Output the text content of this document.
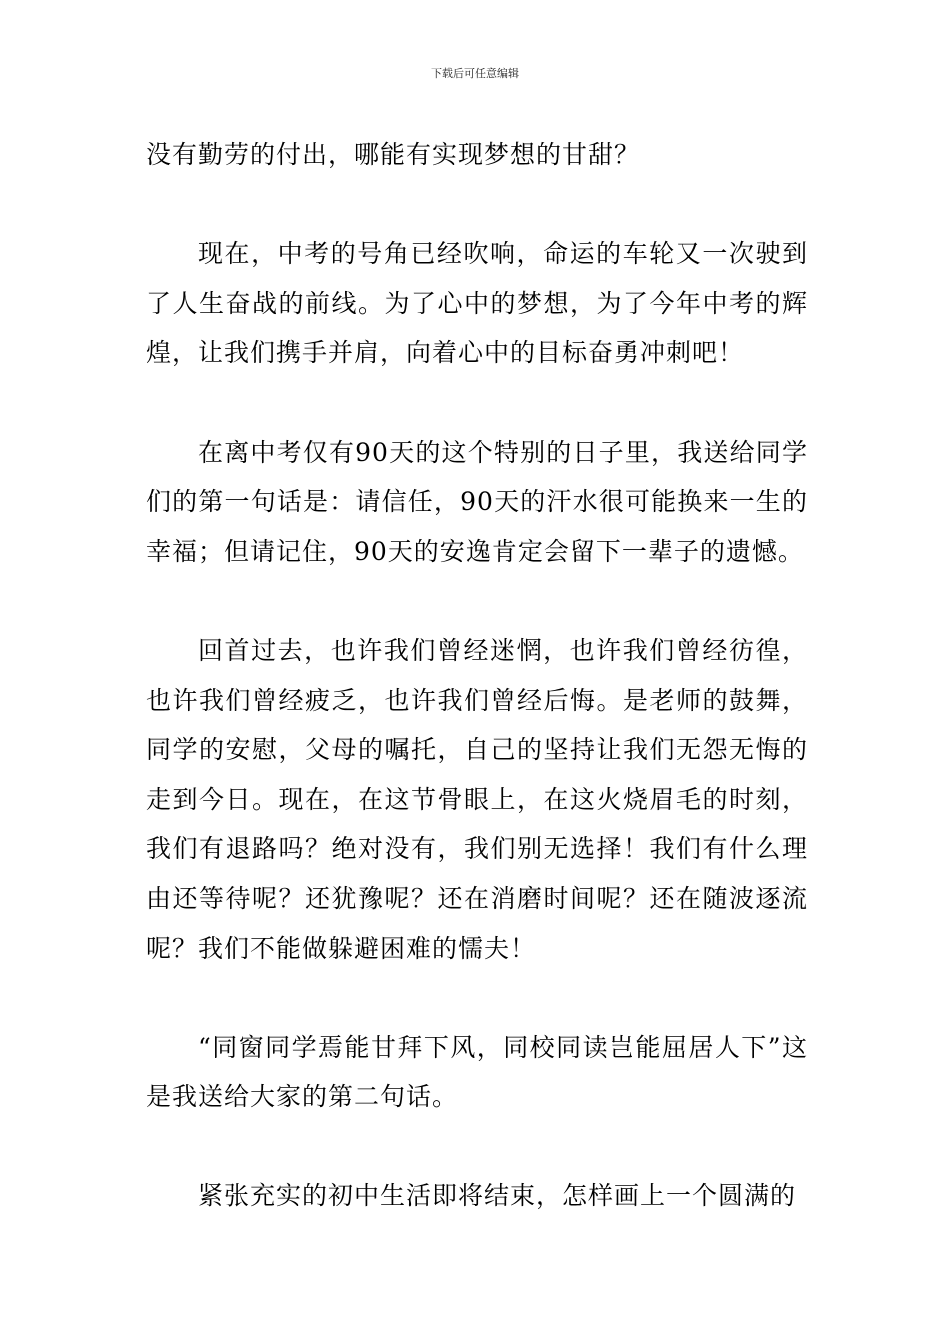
下载后可任意编辑

没有勤劳的付出，哪能有实现梦想的甘甜？

现在，中考的号角已经吹响，命运的车轮又一次驶到了人生奋战的前线。为了心中的梦想，为了今年中考的辉煌，让我们携手并肩，向着心中的目标奋勇冲刺吧！

在离中考仅有90天的这个特别的日子里，我送给同学们的第一句话是：请信任，90天的汗水很可能换来一生的幸福；但请记住，90天的安逸肯定会留下一辈子的遗憾。

回首过去，也许我们曾经迷惘，也许我们曾经彷徨，也许我们曾经疲乏，也许我们曾经后悔。是老师的鼓舞，同学的安慰，父母的嘱托，自己的坚持让我们无怨无悔的走到今日。现在，在这节骨眼上，在这火烧眉毛的时刻，我们有退路吗？绝对没有，我们别无选择！我们有什么理由还等待呢？还犹豫呢？还在消磨时间呢？还在随波逐流呢？我们不能做躲避困难的懦夫！

“同窗同学焉能甘拜下风，同校同读岂能屈居人下”这是我送给大家的第二句话。

紧张充实的初中生活即将结束，怎样画上一个圆满的
